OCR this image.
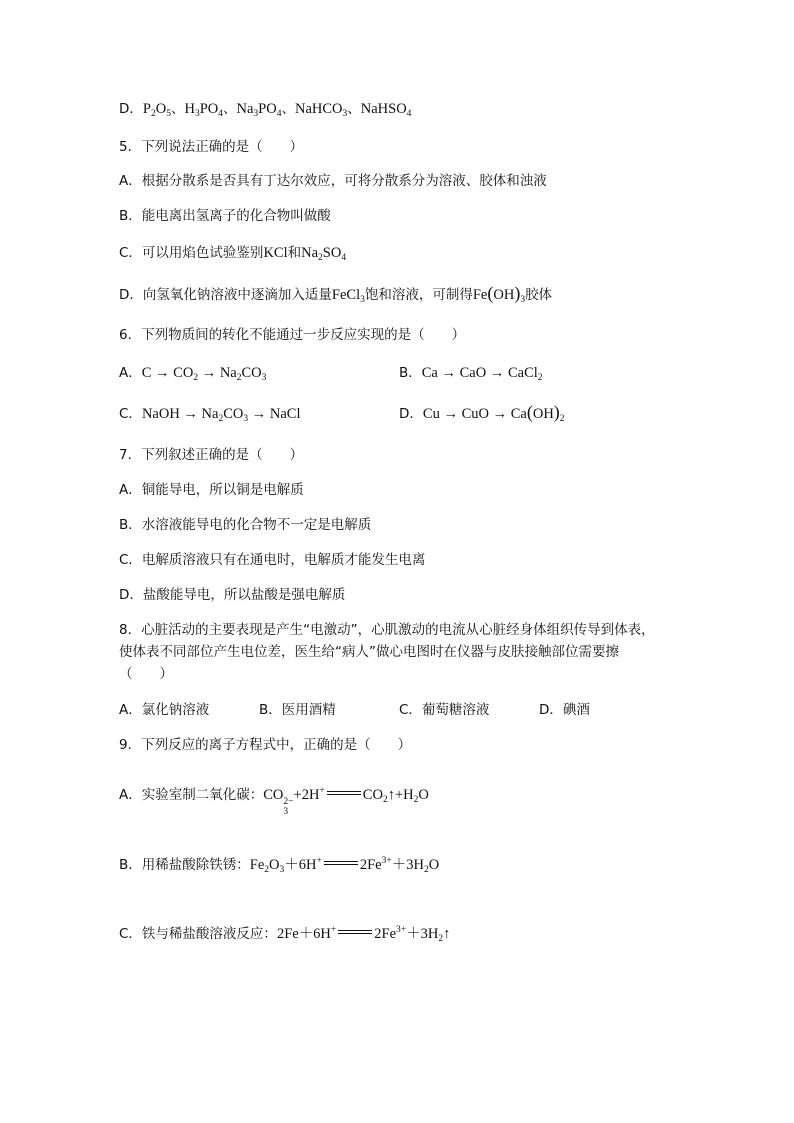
D．$P_2O_5$、$H_3PO_4$、$Na_3PO_4$、NaHCO$_3$、NaHSO$_4$
5．下列说法正确的是（　　）
A．根据分散系是否具有丁达尔效应，可将分散系分为溶液、胶体和浊液
B．能电离出氢离子的化合物叫做酸
C．可以用焰色试验鉴别KCl和$Na_2SO_4$
D．向氢氧化钠溶液中逐滴加入适量FeCl$_3$饱和溶液，可制得$Fe(OH)_3$胶体
6．下列物质间的转化不能通过一步反应实现的是（　　）
A．$C \to CO_2 \to Na_2CO_3$	B．Ca → CaO → CaCl$_2$
C．NaOH → $Na_2CO_3$ → NaCl	D．Cu → CuO → $Ca(OH)_2$
7．下列叙述正确的是（　　）
A．铜能导电，所以铜是电解质
B．水溶液能导电的化合物不一定是电解质
C．电解质溶液只有在通电时，电解质才能发生电离
D．盐酸能导电，所以盐酸是强电解质
8．心脏活动的主要表现是产生“电激动”，心肌激动的电流从心脏经身体组织传导到体表，
使体表不同部位产生电位差，医生给“病人”做心电图时在仪器与皮肤接触部位需要擦
（　　）
A．氯化钠溶液	B．医用酒精	C．葡萄糖溶液	D．碘酒
9．下列反应的离子方程式中，正确的是（　　）
A．实验室制二氧化碳：CO 2−
3
+2H+	$CO_2↑+H_2O$
B．用稀盐酸除铁锈：$Fe_2O_3+6H^+$	$2Fe^{3+}+3H_2O$
C．铁与稀盐酸溶液反应：2Fe＋6H+	$2Fe^{3+}+3H_2↑$
